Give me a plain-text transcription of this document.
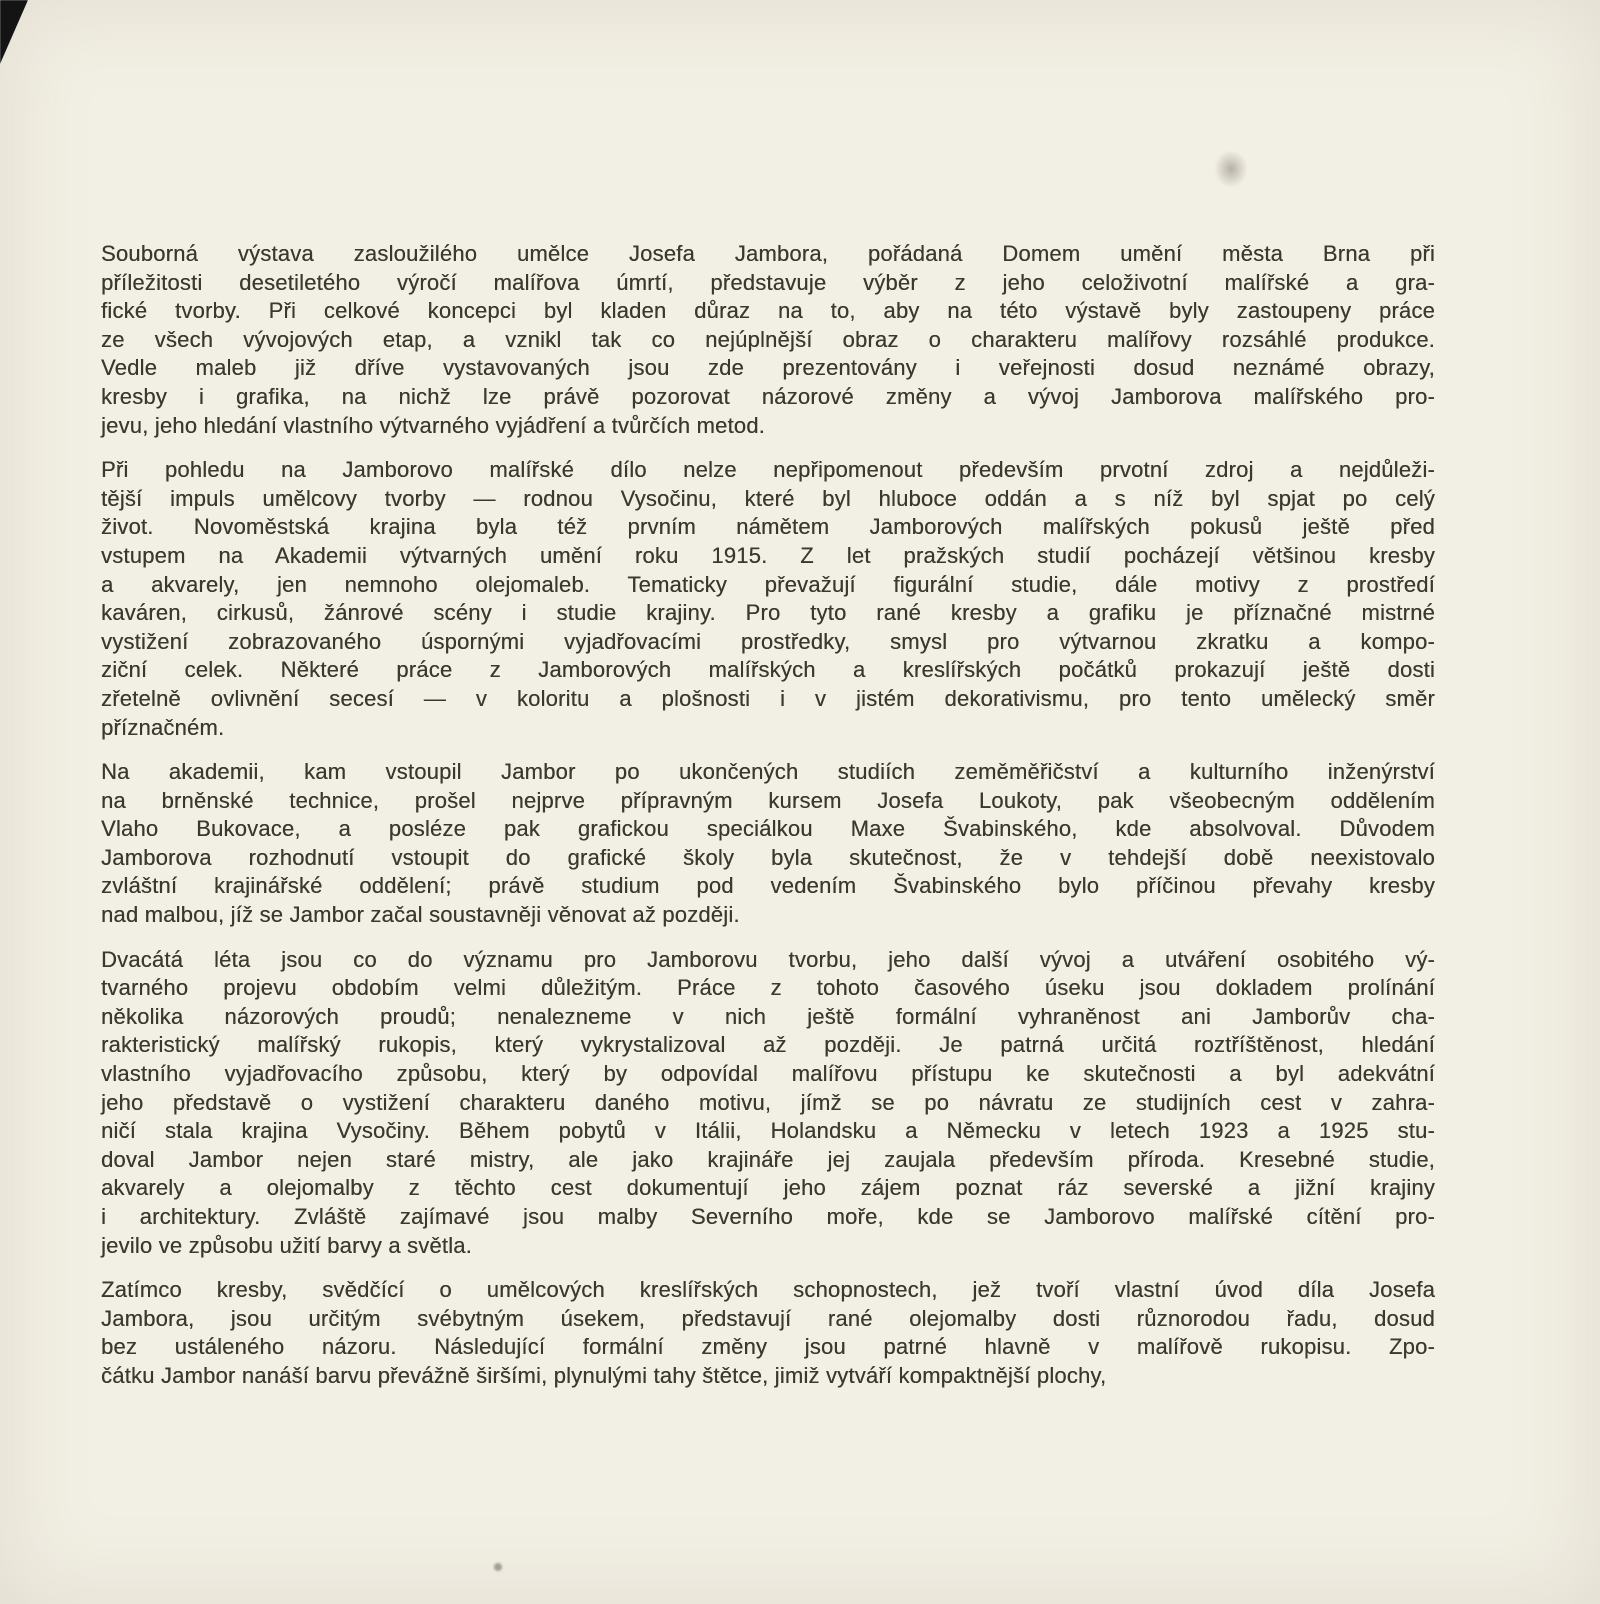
Souborná výstava zasloužilého umělce Josefa Jambora, pořádaná Domem umění města Brna při
příležitosti desetiletého výročí malířova úmrtí, představuje výběr z jeho celoživotní malířské a gra-
fické tvorby. Při celkové koncepci byl kladen důraz na to, aby na této výstavě byly zastoupeny práce
ze všech vývojových etap, a vznikl tak co nejúplnější obraz o charakteru malířovy rozsáhlé produkce.
Vedle maleb již dříve vystavovaných jsou zde prezentovány i veřejnosti dosud neznámé obrazy,
kresby i grafika, na nichž lze právě pozorovat názorové změny a vývoj Jamborova malířského pro-
jevu, jeho hledání vlastního výtvarného vyjádření a tvůrčích metod.
Při pohledu na Jamborovo malířské dílo nelze nepřipomenout především prvotní zdroj a nejdůleži-
tější impuls umělcovy tvorby — rodnou Vysočinu, které byl hluboce oddán a s níž byl spjat po celý
život. Novoměstská krajina byla též prvním námětem Jamborových malířských pokusů ještě před
vstupem na Akademii výtvarných umění roku 1915. Z let pražských studií pocházejí většinou kresby
a akvarely, jen nemnoho olejomaleb. Tematicky převažují figurální studie, dále motivy z prostředí
kaváren, cirkusů, žánrové scény i studie krajiny. Pro tyto rané kresby a grafiku je příznačné mistrné
vystižení zobrazovaného úspornými vyjadřovacími prostředky, smysl pro výtvarnou zkratku a kompo-
ziční celek. Některé práce z Jamborových malířských a kreslířských počátků prokazují ještě dosti
zřetelně ovlivnění secesí — v koloritu a plošnosti i v jistém dekorativismu, pro tento umělecký směr
příznačném.
Na akademii, kam vstoupil Jambor po ukončených studiích zeměměřičství a kulturního inženýrství
na brněnské technice, prošel nejprve přípravným kursem Josefa Loukoty, pak všeobecným oddělením
Vlaho Bukovace, a posléze pak grafickou speciálkou Maxe Švabinského, kde absolvoval. Důvodem
Jamborova rozhodnutí vstoupit do grafické školy byla skutečnost, že v tehdejší době neexistovalo
zvláštní krajinářské oddělení; právě studium pod vedením Švabinského bylo příčinou převahy kresby
nad malbou, jíž se Jambor začal soustavněji věnovat až později.
Dvacátá léta jsou co do významu pro Jamborovu tvorbu, jeho další vývoj a utváření osobitého vý-
tvarného projevu obdobím velmi důležitým. Práce z tohoto časového úseku jsou dokladem prolínání
několika názorových proudů; nenalezneme v nich ještě formální vyhraněnost ani Jamborův cha-
rakteristický malířský rukopis, který vykrystalizoval až později. Je patrná určitá roztříštěnost, hledání
vlastního vyjadřovacího způsobu, který by odpovídal malířovu přístupu ke skutečnosti a byl adekvátní
jeho představě o vystižení charakteru daného motivu, jímž se po návratu ze studijních cest v zahra-
ničí stala krajina Vysočiny. Během pobytů v Itálii, Holandsku a Německu v letech 1923 a 1925 stu-
doval Jambor nejen staré mistry, ale jako krajináře jej zaujala především příroda. Kresebné studie,
akvarely a olejomalby z těchto cest dokumentují jeho zájem poznat ráz severské a jižní krajiny
i architektury. Zvláště zajímavé jsou malby Severního moře, kde se Jamborovo malířské cítění pro-
jevilo ve způsobu užití barvy a světla.
Zatímco kresby, svědčící o umělcových kreslířských schopnostech, jež tvoří vlastní úvod díla Josefa
Jambora, jsou určitým svébytným úsekem, představují rané olejomalby dosti různorodou řadu, dosud
bez ustáleného názoru. Následující formální změny jsou patrné hlavně v malířově rukopisu. Zpo-
čátku Jambor nanáší barvu převážně širšími, plynulými tahy štětce, jimiž vytváří kompaktnější plochy,
